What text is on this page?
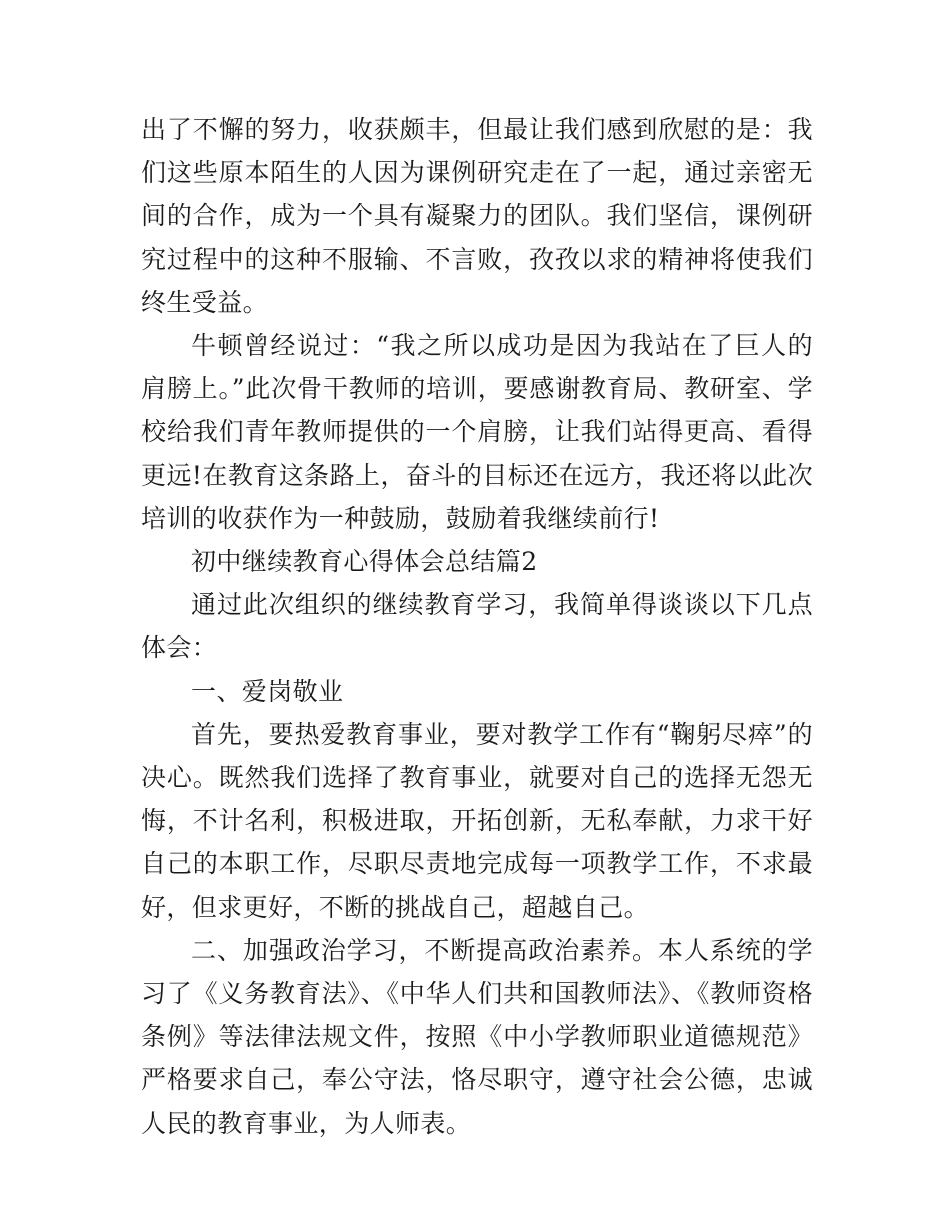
出了不懈的努力，收获颇丰，但最让我们感到欣慰的是：我们这些原本陌生的人因为课例研究走在了一起，通过亲密无间的合作，成为一个具有凝聚力的团队。我们坚信，课例研究过程中的这种不服输、不言败，孜孜以求的精神将使我们终生受益。

牛顿曾经说过：“我之所以成功是因为我站在了巨人的肩膀上。”此次骨干教师的培训，要感谢教育局、教研室、学校给我们青年教师提供的一个肩膀，让我们站得更高、看得更远!在教育这条路上，奋斗的目标还在远方，我还将以此次培训的收获作为一种鼓励，鼓励着我继续前行!

初中继续教育心得体会总结篇2

通过此次组织的继续教育学习，我简单得谈谈以下几点体会：

一、爱岗敬业

首先，要热爱教育事业，要对教学工作有“鞠躬尽瘁”的决心。既然我们选择了教育事业，就要对自己的选择无怨无悔，不计名利，积极进取，开拓创新，无私奉献，力求干好自己的本职工作，尽职尽责地完成每一项教学工作，不求最好，但求更好，不断的挑战自己，超越自己。

二、加强政治学习，不断提高政治素养。本人系统的学习了《义务教育法》、《中华人们共和国教师法》、《教师资格条例》等法律法规文件，按照《中小学教师职业道德规范》严格要求自己，奉公守法，恪尽职守，遵守社会公德，忠诚人民的教育事业，为人师表。
